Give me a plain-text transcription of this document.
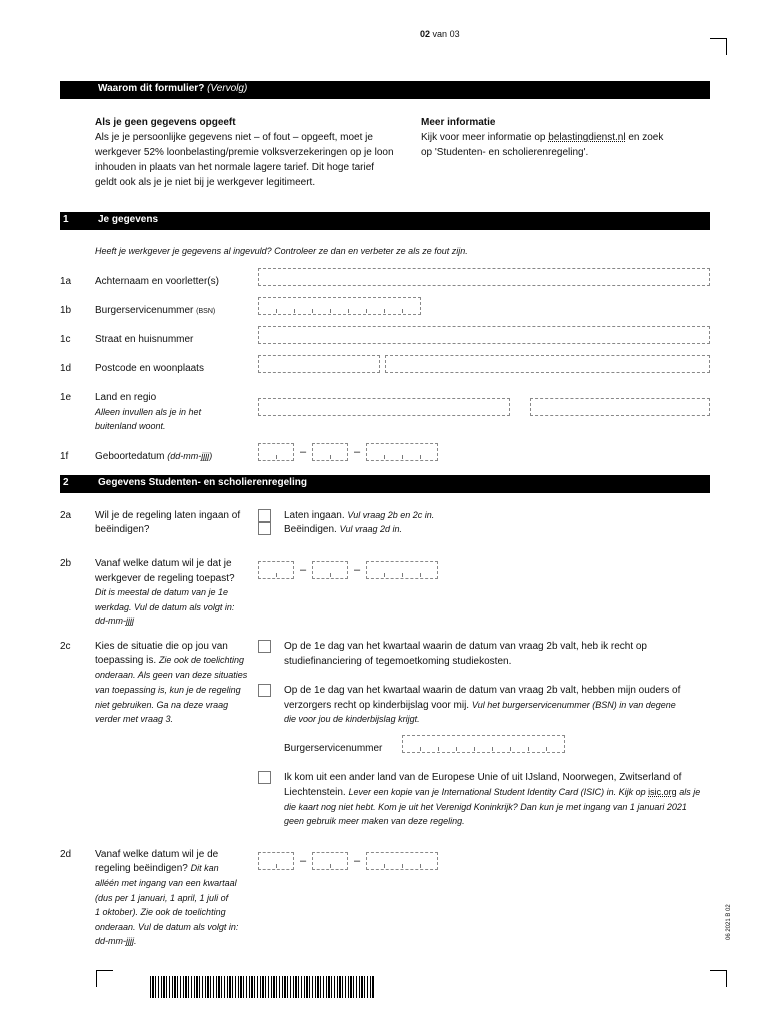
02 van 03
Waarom dit formulier? (Vervolg)
Als je geen gegevens opgeeft
Als je je persoonlijke gegevens niet – of fout – opgeeft, moet je
werkgever 52% loonbelasting/premie volksverzekeringen op je loon
inhouden in plaats van het normale lagere tarief. Dit hoge tarief
geldt ook als je je niet bij je werkgever legitimeert.
Meer informatie
Kijk voor meer informatie op belastingdienst.nl en zoek
op 'Studenten- en scholierenregeling'.
1	Je gegevens
Heeft je werkgever je gegevens al ingevuld? Controleer ze dan en verbeter ze als ze fout zijn.
1a Achternaam en voorletter(s)
1b Burgerservicenummer (BSN)
1c Straat en huisnummer
1d Postcode en woonplaats
1e Land en regio
Alleen invullen als je in het
buitenland woont.
1f	Geboortedatum (dd-mm-jjjj)	–	–
2	Gegevens Studenten- en scholierenregeling
2a Wil je de regeling laten ingaan of
beëindigen?
Laten ingaan. Vul vraag 2b en 2c in.
Beëindigen. Vul vraag 2d in.
2b Vanaf welke datum wil je dat je
werkgever de regeling toepast?
Dit is meestal de datum van je 1e
werkdag. Vul de datum als volgt in:
dd-mm-jjjj
–	–
2c Kies de situatie die op jou van
toepassing is. Zie ook de toelichting
onderaan. Als geen van deze situaties
van toepassing is, kun je de regeling
niet gebruiken. Ga na deze vraag
verder met vraag 3.
Op de 1e dag van het kwartaal waarin de datum van vraag 2b valt, heb ik recht op
studiefinanciering of tegemoetkoming studiekosten.
Op de 1e dag van het kwartaal waarin de datum van vraag 2b valt, hebben mijn ouders of
verzorgers recht op kinderbijslag voor mij. Vul het burgerservicenummer (BSN) in van degene
die voor jou de kinderbijslag krijgt.
Burgerservicenummer
Ik kom uit een ander land van de Europese Unie of uit IJsland, Noorwegen, Zwitserland of
Liechtenstein. Lever een kopie van je International Student Identity Card (ISIC) in. Kijk op isic.org als je
die kaart nog niet hebt. Kom je uit het Verenigd Koninkrijk? Dan kun je met ingang van 1 januari 2021
geen gebruik meer maken van deze regeling.
2d Vanaf welke datum wil je de
regeling beëindigen? Dit kan
alléén met ingang van een kwartaal
(dus per 1 januari, 1 april, 1 juli of
1 oktober). Zie ook de toelichting
onderaan. Vul de datum als volgt in:
dd-mm-jjjj.
–	–
06 2021 B 02
